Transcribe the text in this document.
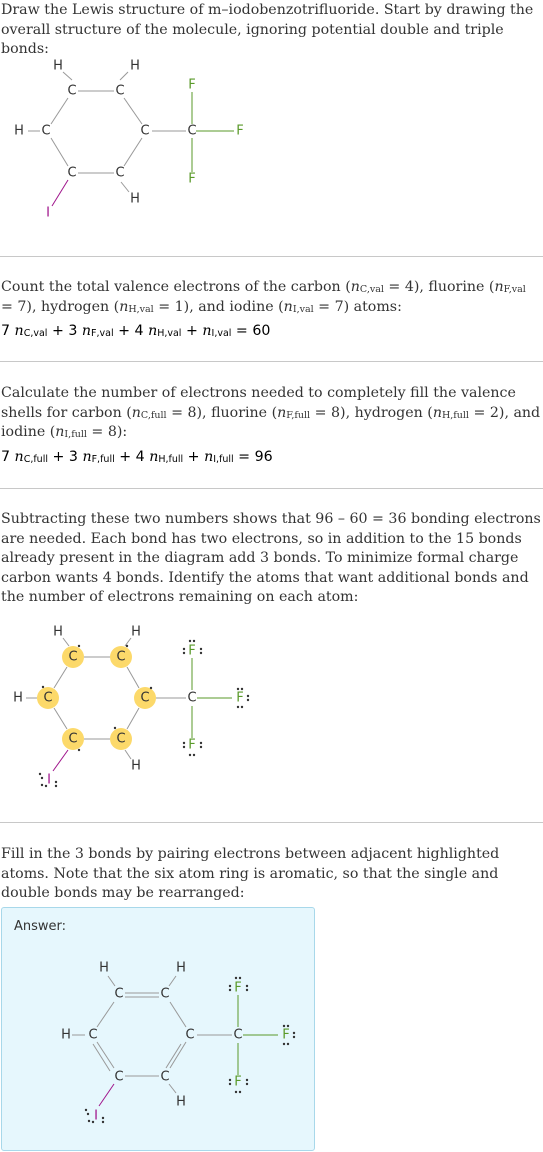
Draw the Lewis structure of m–iodobenzotrifluoride. Start by drawing the overall structure of the molecule, ignoring potential double and triple bonds:
H	H
C	C
H C	C	C
F
F
F
C	C
H
I
Count the total valence electrons of the carbon $(n_{C,val} = 4)$, fluorine $(n_{F,val} = 7)$, hydrogen $(n_{H,val} = 1)$, and iodine $(n_{I,val} = 7)$ atoms:
7 $n_{C,val} + 3$ $n_{F,val} + 4$ $n_{H,val} + n_{I,val} = 60$
Calculate the number of electrons needed to completely fill the valence shells for carbon $(n_{C,full} = 8)$, fluorine $(n_{F,full} = 8)$, hydrogen $(n_{H,full} = 2)$, and iodine $(n_{I,full} = 8)$:
7 $n_{C,full} + 3$ $n_{F,full} + 4$ $n_{H,full} + n_{I,full} = 96$
Subtracting these two numbers shows that 96 – 60 = 36 bonding electrons are needed. Each bond has two electrons, so in addition to the 15 bonds already present in the diagram add 3 bonds. To minimize formal charge carbon wants 4 bonds. Identify the atoms that want additional bonds and the number of electrons remaining on each atom:
H	H
C	C
H C	C	C
F
F
F
C	C
H
I
Fill in the 3 bonds by pairing electrons between adjacent highlighted atoms. Note that the six atom ring is aromatic, so that the single and double bonds may be rearranged:
Answer:
H	H
C	C
H C	C	C
F
F
F
C	C
H
I
